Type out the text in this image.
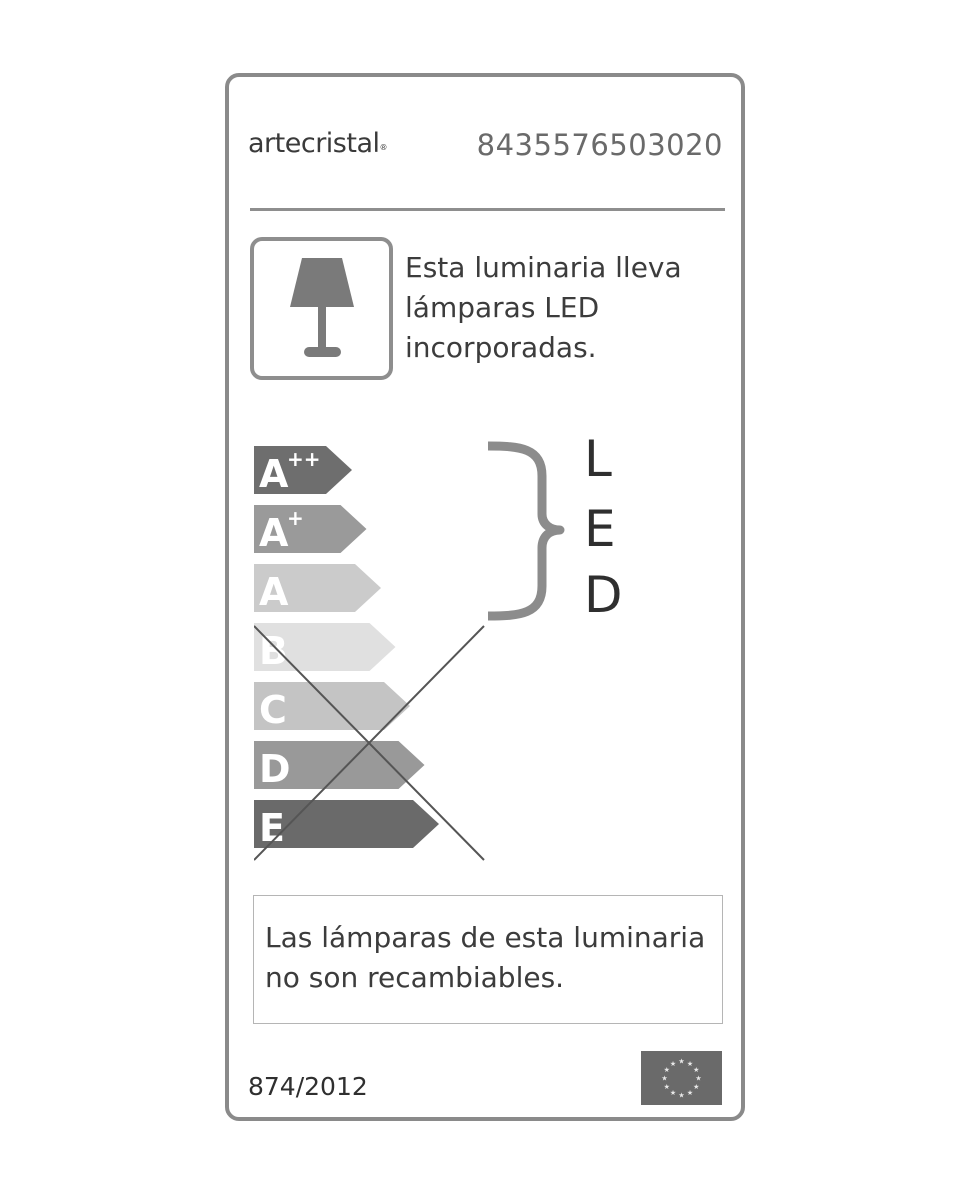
artecristal®	8435576503020
Esta luminaria lleva
lámparas LED
incorporadas.
A
++
A
+
A
B
C
D
E
L
E
D
Las lámparas de esta luminaria
no son recambiables.
874/2012
★ ★
★
★
★
★
★
★
★
★
★
★
